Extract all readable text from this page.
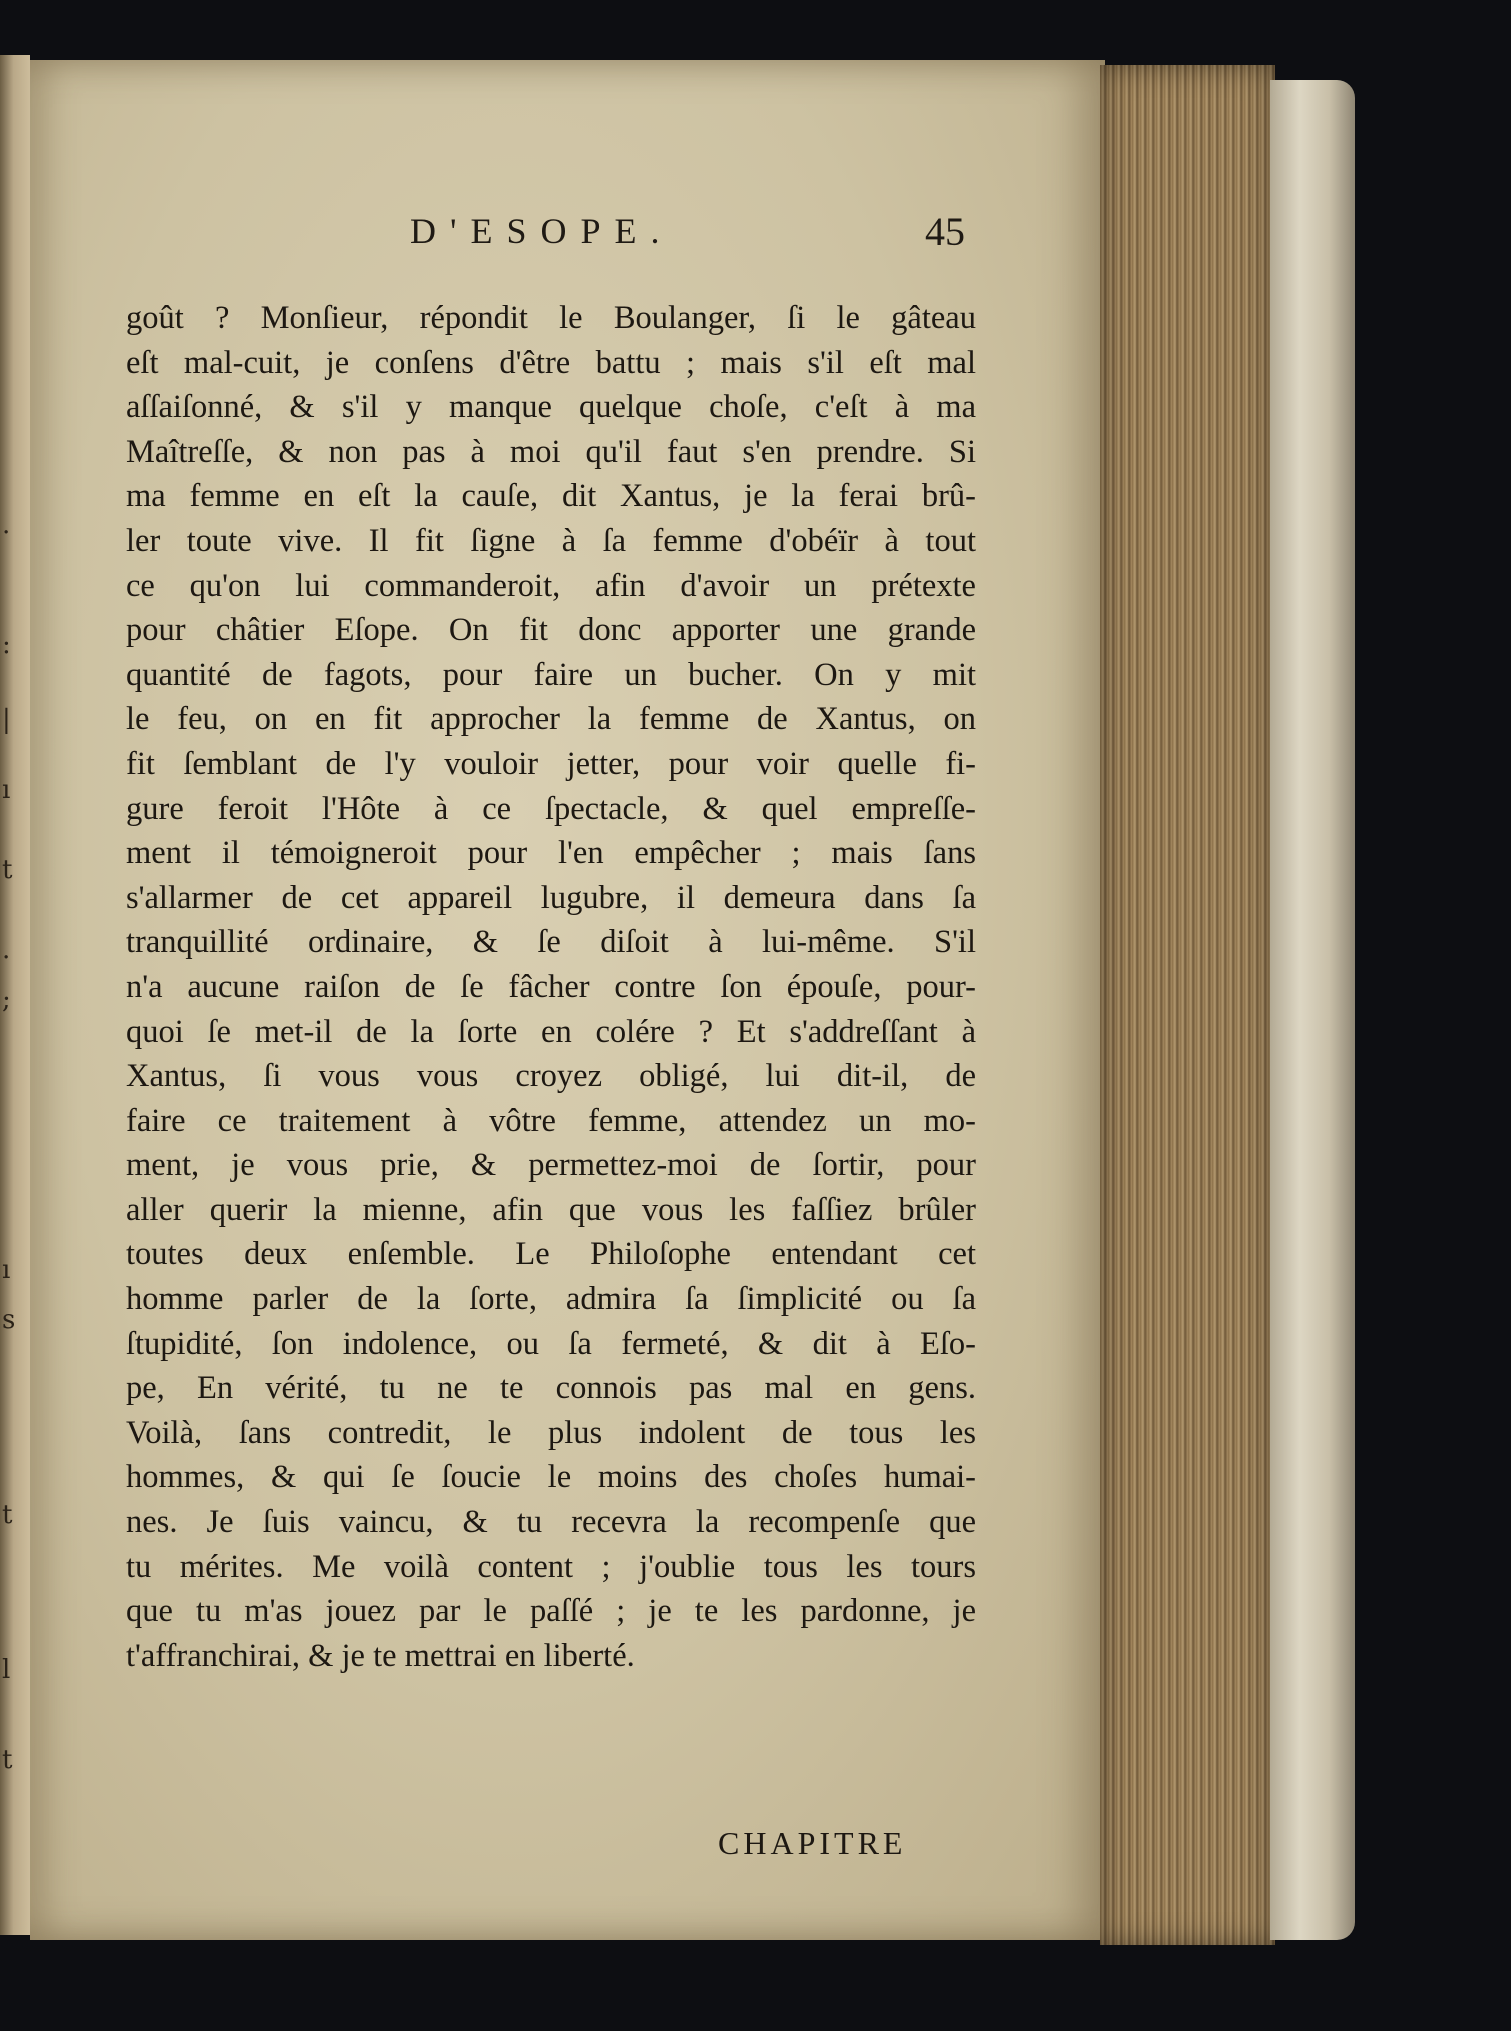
.
:
|
ı
t
.
;
ı
s
t
l
t
D'ESOPE.	45
goût ? Monſieur, répondit le Boulanger, ſi le gâteau
eſt mal-cuit, je conſens d'être battu ; mais s'il eſt mal
aſſaiſonné, & s'il y manque quelque choſe, c'eſt à ma
Maîtreſſe, & non pas à moi qu'il faut s'en prendre. Si
ma femme en eſt la cauſe, dit Xantus, je la ferai brû-
ler toute vive. Il fit ſigne à ſa femme d'obéïr à tout
ce qu'on lui commanderoit, afin d'avoir un prétexte
pour châtier Eſope. On fit donc apporter une grande
quantité de fagots, pour faire un bucher. On y mit
le feu, on en fit approcher la femme de Xantus, on
fit ſemblant de l'y vouloir jetter, pour voir quelle fi-
gure feroit l'Hôte à ce ſpectacle, & quel empreſſe-
ment il témoigneroit pour l'en empêcher ; mais ſans
s'allarmer de cet appareil lugubre, il demeura dans ſa
tranquillité ordinaire, & ſe diſoit à lui-même. S'il
n'a aucune raiſon de ſe fâcher contre ſon épouſe, pour-
quoi ſe met-il de la ſorte en colére ? Et s'addreſſant à
Xantus, ſi vous vous croyez obligé, lui dit-il, de
faire ce traitement à vôtre femme, attendez un mo-
ment, je vous prie, & permettez-moi de ſortir, pour
aller querir la mienne, afin que vous les faſſiez brûler
toutes deux enſemble. Le Philoſophe entendant cet
homme parler de la ſorte, admira ſa ſimplicité ou ſa
ſtupidité, ſon indolence, ou ſa fermeté, & dit à Eſo-
pe, En vérité, tu ne te connois pas mal en gens.
Voilà, ſans contredit, le plus indolent de tous les
hommes, & qui ſe ſoucie le moins des choſes humai-
nes. Je ſuis vaincu, & tu recevra la recompenſe que
tu mérites. Me voilà content ; j'oublie tous les tours
que tu m'as jouez par le paſſé ; je te les pardonne, je
t'affranchirai, & je te mettrai en liberté.
CHAPITRE
